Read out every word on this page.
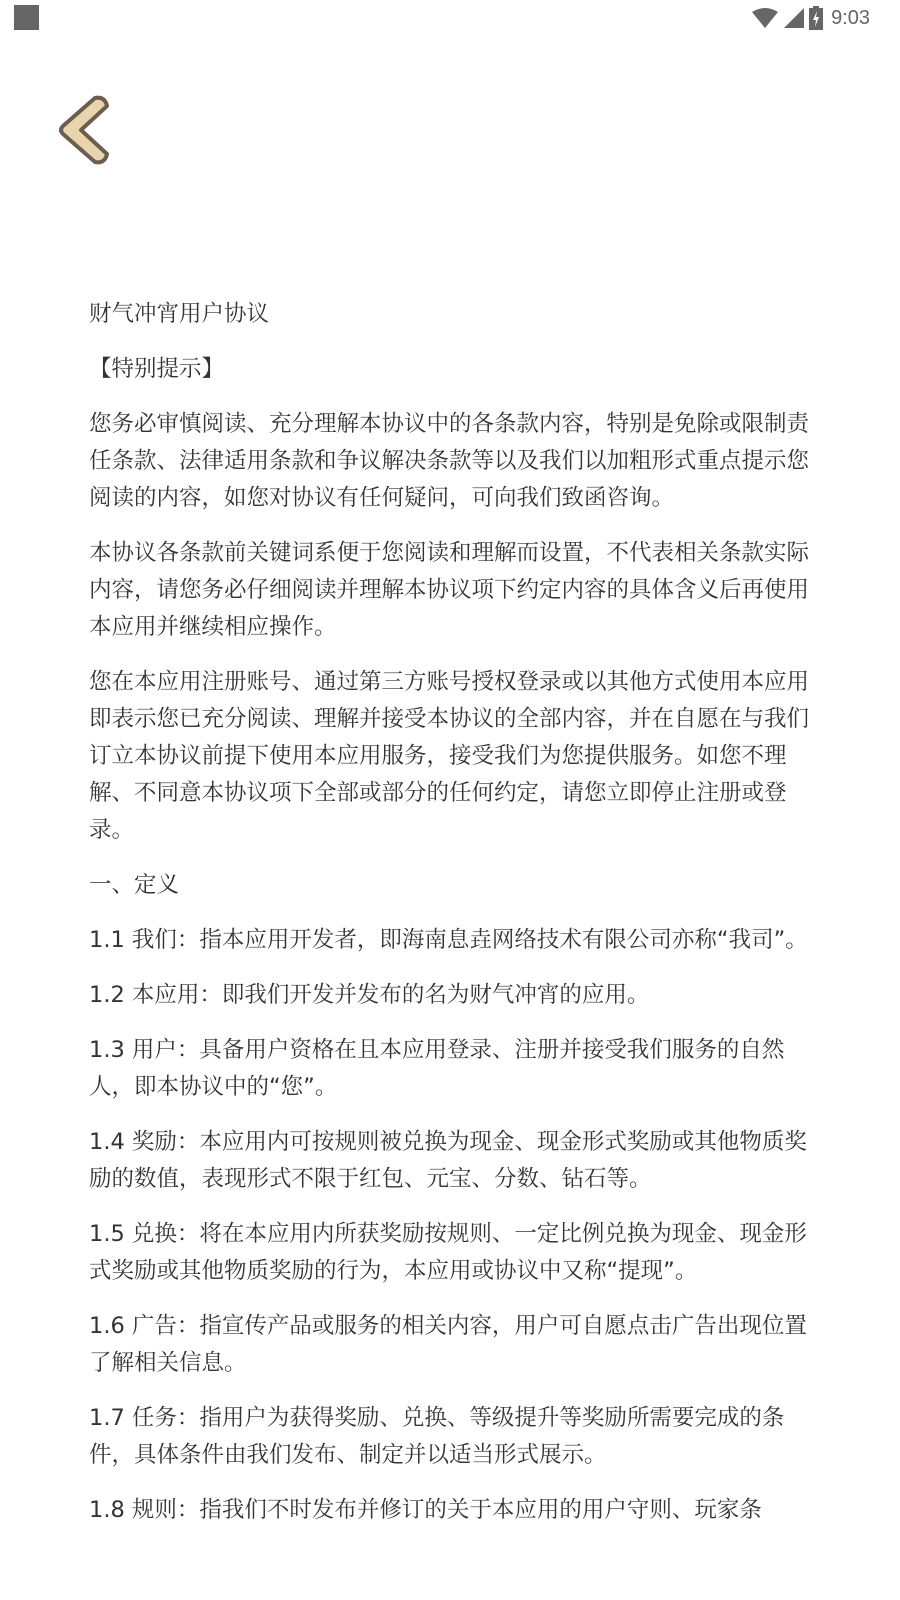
9:03

财气冲宵用户协议

【特别提示】

您务必审慎阅读、充分理解本协议中的各条款内容，特别是免除或限制责任条款、法律适用条款和争议解决条款等以及我们以加粗形式重点提示您阅读的内容，如您对协议有任何疑问，可向我们致函咨询。

本协议各条款前关键词系便于您阅读和理解而设置，不代表相关条款实际内容，请您务必仔细阅读并理解本协议项下约定内容的具体含义后再使用本应用并继续相应操作。

您在本应用注册账号、通过第三方账号授权登录或以其他方式使用本应用即表示您已充分阅读、理解并接受本协议的全部内容，并在自愿在与我们订立本协议前提下使用本应用服务，接受我们为您提供服务。如您不理解、不同意本协议项下全部或部分的任何约定，请您立即停止注册或登录。

一、定义

1.1 我们：指本应用开发者，即海南息垚网络技术有限公司亦称“我司”。

1.2 本应用：即我们开发并发布的名为财气冲宵的应用。

1.3 用户：具备用户资格在且本应用登录、注册并接受我们服务的自然人，即本协议中的“您”。

1.4 奖励：本应用内可按规则被兑换为现金、现金形式奖励或其他物质奖励的数值，表现形式不限于红包、元宝、分数、钻石等。

1.5 兑换：将在本应用内所获奖励按规则、一定比例兑换为现金、现金形式奖励或其他物质奖励的行为，本应用或协议中又称“提现”。

1.6 广告：指宣传产品或服务的相关内容，用户可自愿点击广告出现位置了解相关信息。

1.7 任务：指用户为获得奖励、兑换、等级提升等奖励所需要完成的条件，具体条件由我们发布、制定并以适当形式展示。

1.8 规则：指我们不时发布并修订的关于本应用的用户守则、玩家条
